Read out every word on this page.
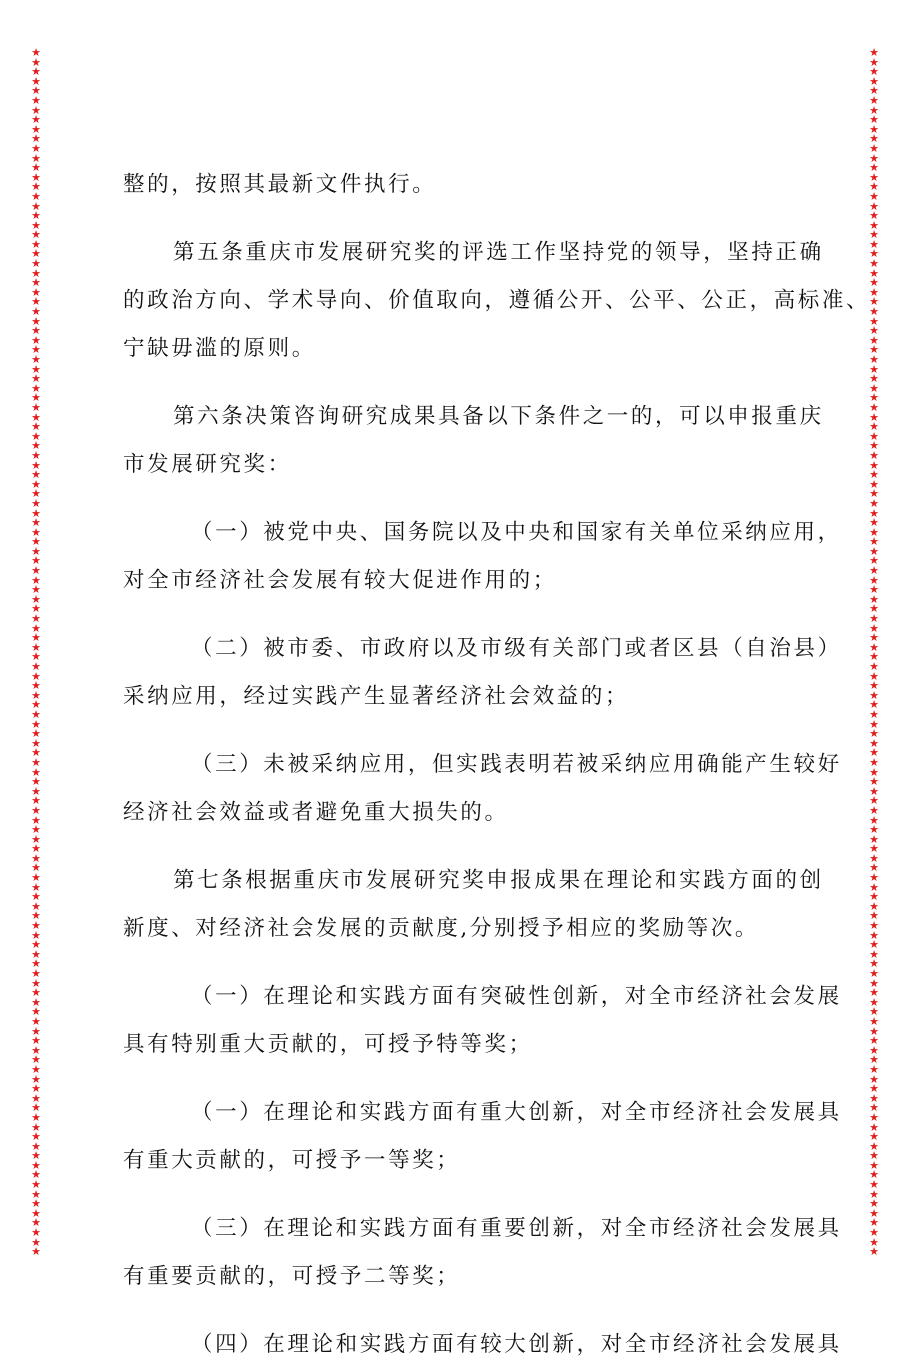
★★★★★★★★★★★★★★★★★★★★★★★★★★★★★★★★★★★★★★★★★★★★★★★★★★★★★★★★★★★★★★★★★★★★★★★★★★★★★★★★★★★★★★★★★★★★★★★★★★★★★★★★★★★★★★★★★★★★★★★★★★★★★★
★★★★★★★★★★★★★★★★★★★★★★★★★★★★★★★★★★★★★★★★★★★★★★★★★★★★★★★★★★★★★★★★★★★★★★★★★★★★★★★★★★★★★★★★★★★★★★★★★★★★★★★★★★★★★★★★★★★★★★★★★★★★★★
整的，按照其最新文件执行。
第五条重庆市发展研究奖的评选工作坚持党的领导，坚持正确
的政治方向、学术导向、价值取向，遵循公开、公平、公正，高标准、
宁缺毋滥的原则。
第六条决策咨询研究成果具备以下条件之一的，可以申报重庆
市发展研究奖：
（一）被党中央、国务院以及中央和国家有关单位采纳应用，
对全市经济社会发展有较大促进作用的；
（二）被市委、市政府以及市级有关部门或者区县（自治县）
采纳应用，经过实践产生显著经济社会效益的；
（三）未被采纳应用，但实践表明若被采纳应用确能产生较好
经济社会效益或者避免重大损失的。
第七条根据重庆市发展研究奖申报成果在理论和实践方面的创
新度、对经济社会发展的贡献度,分别授予相应的奖励等次。
（一）在理论和实践方面有突破性创新，对全市经济社会发展
具有特别重大贡献的，可授予特等奖；
（一）在理论和实践方面有重大创新，对全市经济社会发展具
有重大贡献的，可授予一等奖；
（三）在理论和实践方面有重要创新，对全市经济社会发展具
有重要贡献的，可授予二等奖；
（四）在理论和实践方面有较大创新，对全市经济社会发展具
